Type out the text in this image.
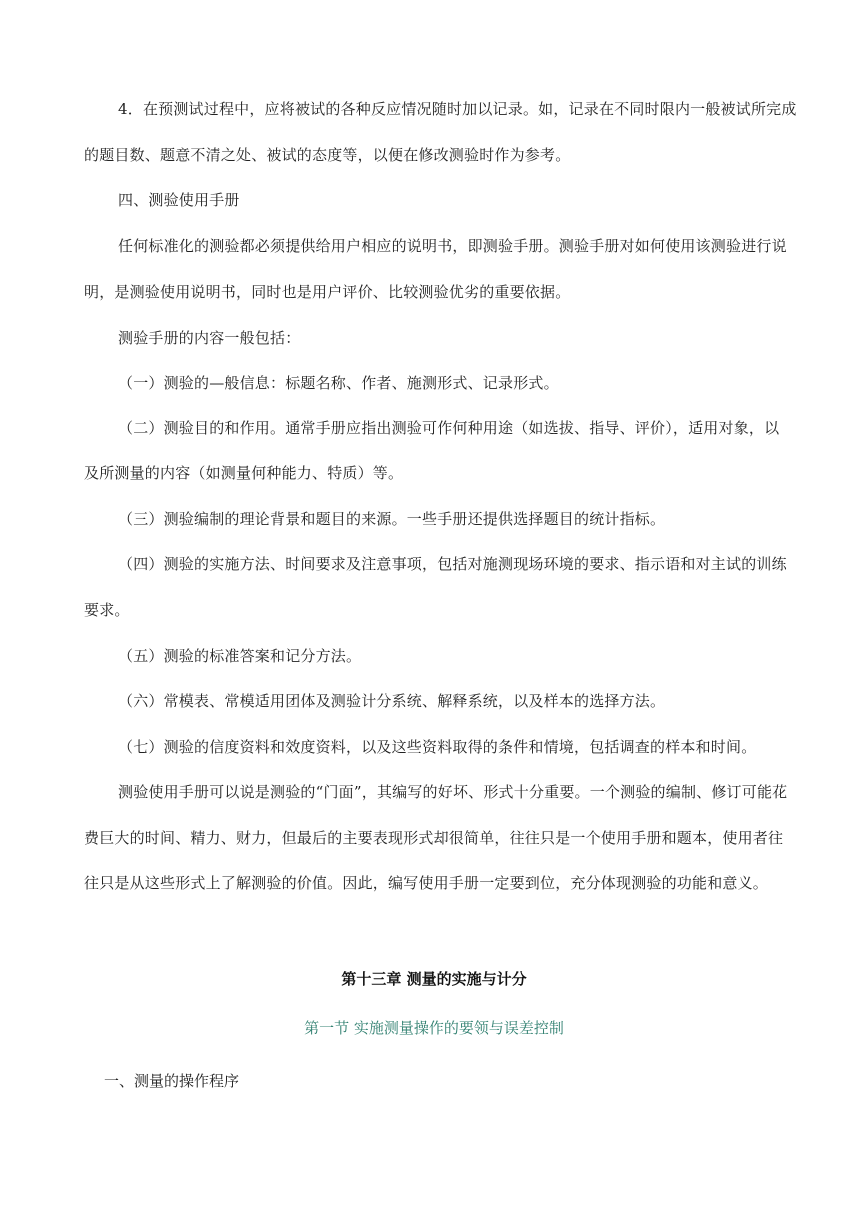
4．在预测试过程中，应将被试的各种反应情况随时加以记录。如，记录在不同时限内一般被试所完成
的题目数、题意不清之处、被试的态度等，以便在修改测验时作为参考。
四、测验使用手册
任何标准化的测验都必须提供给用户相应的说明书，即测验手册。测验手册对如何使用该测验进行说
明，是测验使用说明书，同时也是用户评价、比较测验优劣的重要依据。
测验手册的内容一般包括：
（一）测验的—般信息：标题名称、作者、施测形式、记录形式。
（二）测验目的和作用。通常手册应指出测验可作何种用途（如选拔、指导、评价），适用对象，以
及所测量的内容（如测量何种能力、特质）等。
（三）测验编制的理论背景和题目的来源。一些手册还提供选择题目的统计指标。
（四）测验的实施方法、时间要求及注意事项，包括对施测现场环境的要求、指示语和对主试的训练
要求。
（五）测验的标准答案和记分方法。
（六）常模表、常模适用团体及测验计分系统、解释系统，以及样本的选择方法。
（七）测验的信度资料和效度资料，以及这些资料取得的条件和情境，包括调查的样本和时间。
测验使用手册可以说是测验的“门面”，其编写的好坏、形式十分重要。一个测验的编制、修订可能花
费巨大的时间、精力、财力，但最后的主要表现形式却很简单，往往只是一个使用手册和题本，使用者往
往只是从这些形式上了解测验的价值。因此，编写使用手册一定要到位，充分体现测验的功能和意义。
第十三章 测量的实施与计分
第一节 实施测量操作的要领与误差控制
一、测量的操作程序
